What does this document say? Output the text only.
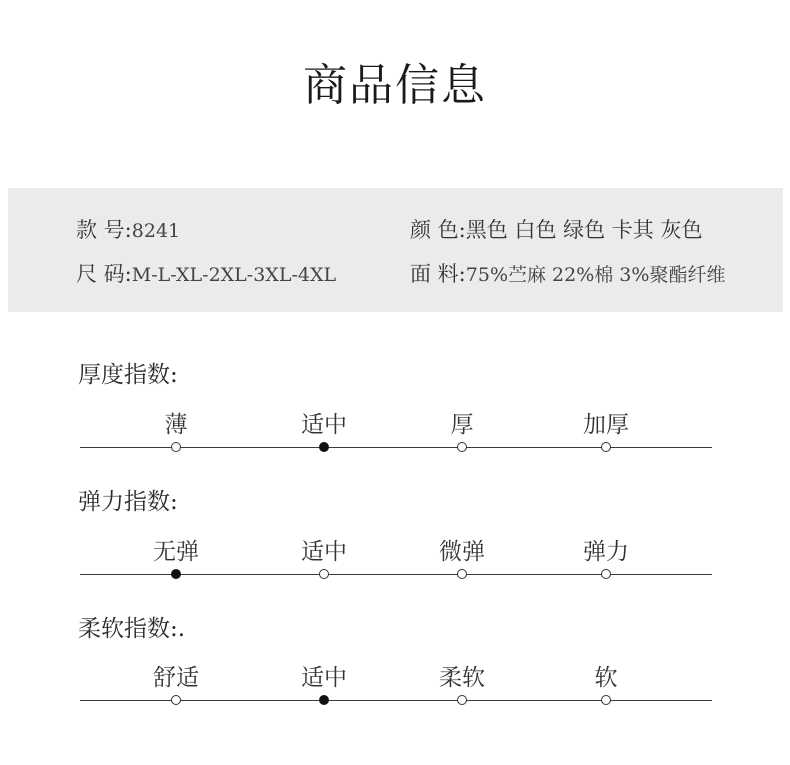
商品信息
款 号:8241	颜 色:黑色 白色 绿色 卡其 灰色
尺 码:M-L-XL-2XL-3XL-4XL	面 料:75%苎麻 22%棉 3%聚酯纤维
厚度指数:
薄	适中	厚	加厚
弹力指数:
无弹	适中	微弹	弹力
柔软指数:.
舒适	适中	柔软	软
